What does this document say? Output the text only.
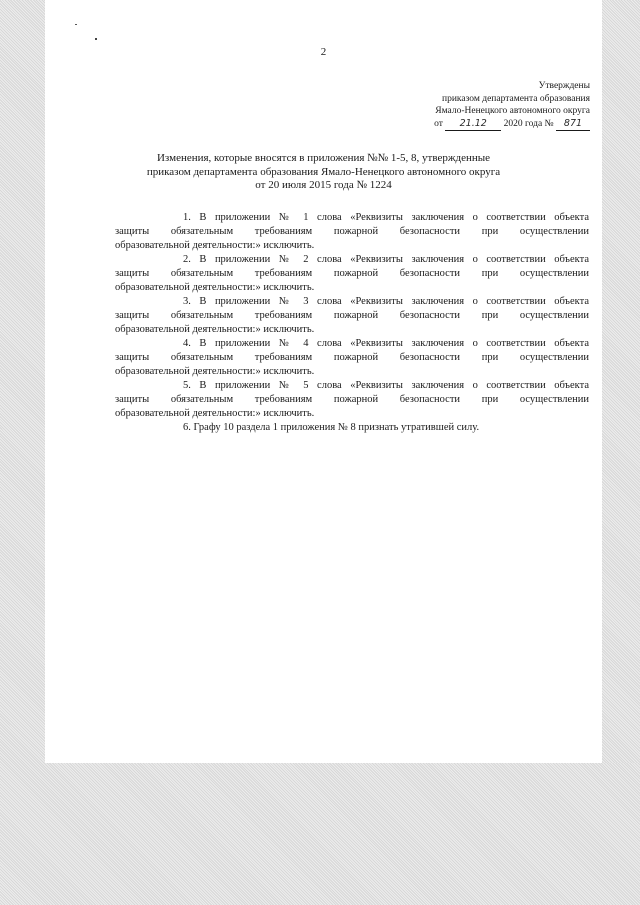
2
Утверждены
приказом департамента образования
Ямало-Ненецкого автономного округа
от 21.12 2020 года № 871
Изменения, которые вносятся в приложения №№ 1-5, 8, утвержденные
приказом департамента образования Ямало-Ненецкого автономного округа
от 20 июля 2015 года № 1224
1. В приложении № 1 слова «Реквизиты заключения о соответствии объекта
защиты обязательным требованиям пожарной безопасности при осуществлении
образовательной деятельности:» исключить.
2. В приложении № 2 слова «Реквизиты заключения о соответствии объекта
защиты обязательным требованиям пожарной безопасности при осуществлении
образовательной деятельности:» исключить.
3. В приложении № 3 слова «Реквизиты заключения о соответствии объекта
защиты обязательным требованиям пожарной безопасности при осуществлении
образовательной деятельности:» исключить.
4. В приложении № 4 слова «Реквизиты заключения о соответствии объекта
защиты обязательным требованиям пожарной безопасности при осуществлении
образовательной деятельности:» исключить.
5. В приложении № 5 слова «Реквизиты заключения о соответствии объекта
защиты обязательным требованиям пожарной безопасности при осуществлении
образовательной деятельности:» исключить.
6. Графу 10 раздела 1 приложения № 8 признать утратившей силу.
